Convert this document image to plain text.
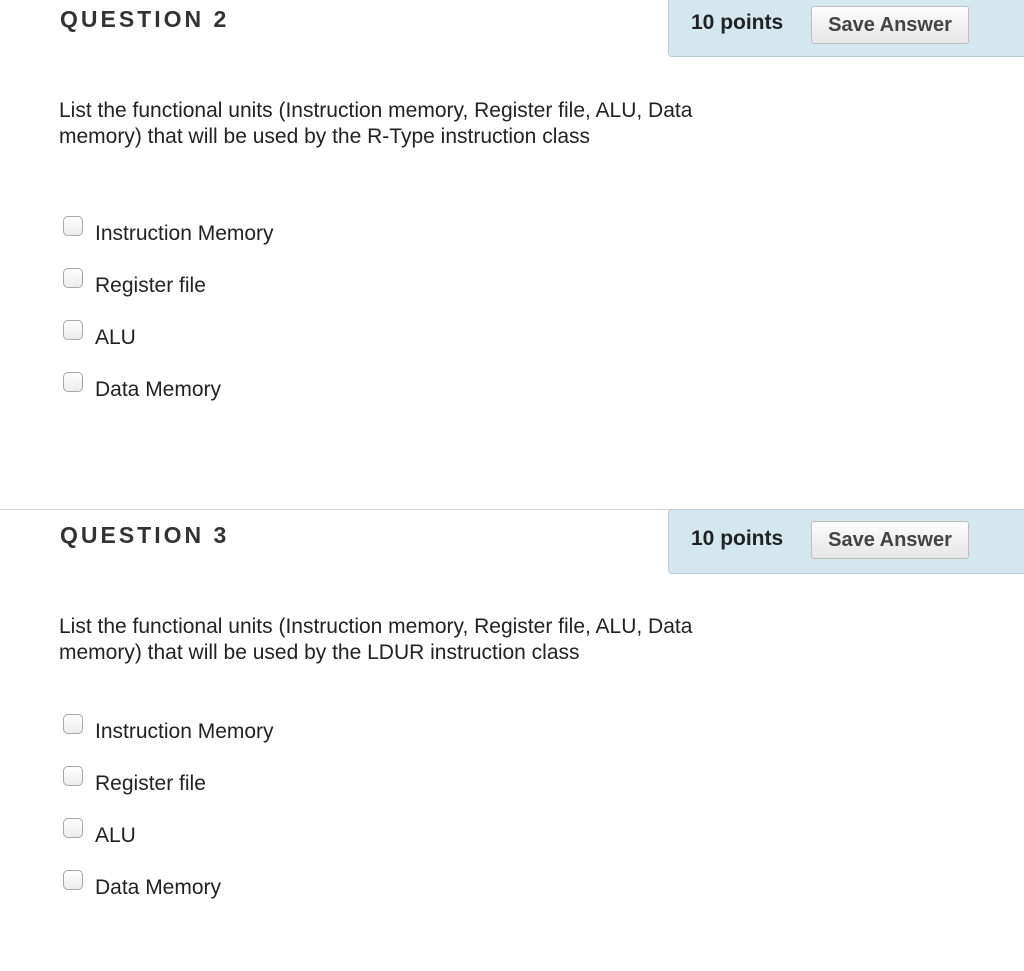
QUESTION 2	10 points	Save Answer

List the functional units (Instruction memory, Register file, ALU, Data memory) that will be used by the R-Type instruction class

Instruction Memory
Register file
ALU
Data Memory
QUESTION 3	10 points	Save Answer

List the functional units (Instruction memory, Register file, ALU, Data memory) that will be used by the LDUR instruction class

Instruction Memory
Register file
ALU
Data Memory
